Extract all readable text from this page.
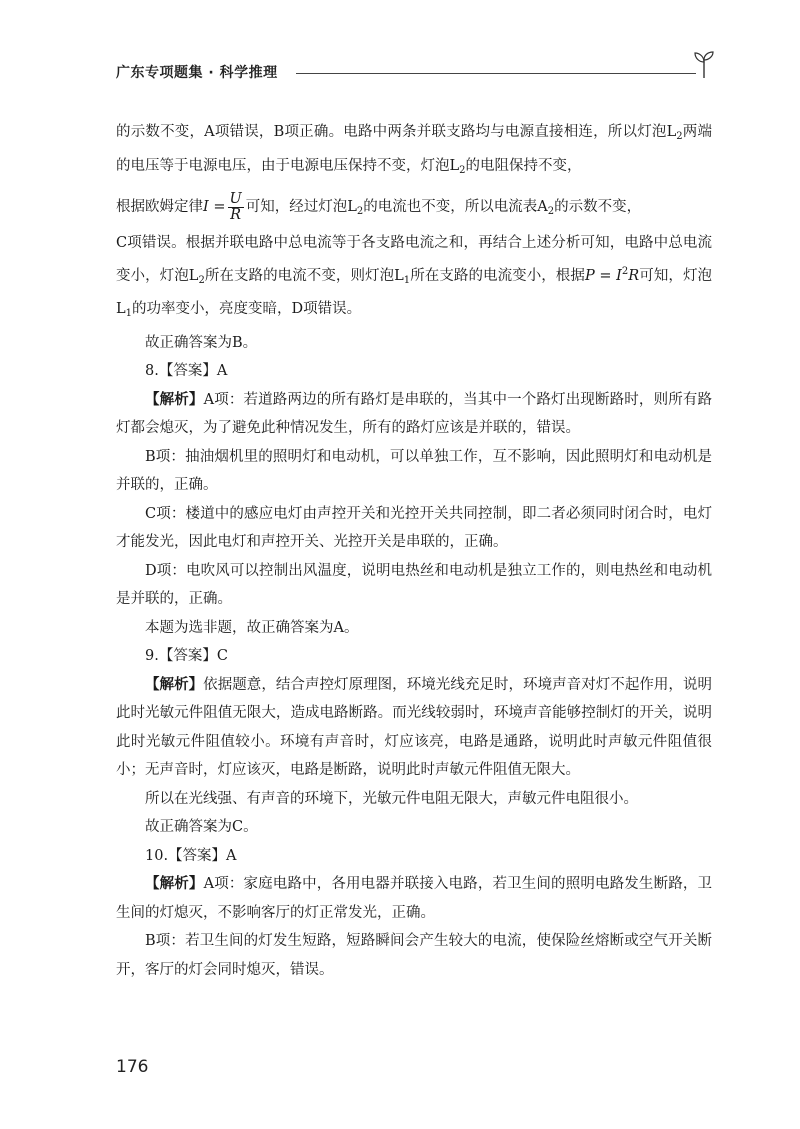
广东专项题集 · 科学推理

的示数不变，A项错误，B项正确。电路中两条并联支路均与电源直接相连，所以灯泡$L_2$两端的电压等于电源电压，由于电源电压保持不变，灯泡$L_2$的电阻保持不变，

根据欧姆定律$I = \frac{U}{R}$ 可知，经过灯泡$L_2$的电流也不变，所以电流表$A_2$的示数不变，

C项错误。根据并联电路中总电流等于各支路电流之和，再结合上述分析可知，电路中总电流变小，灯泡$L_2$所在支路的电流不变，则灯泡$L_1$所在支路的电流变小，根据$P = I^2R$可知，灯泡$L_1$的功率变小，亮度变暗，D项错误。

故正确答案为B。

8.【答案】A

【解析】A项：若道路两边的所有路灯是串联的，当其中一个路灯出现断路时，则所有路灯都会熄灭，为了避免此种情况发生，所有的路灯应该是并联的，错误。

B项：抽油烟机里的照明灯和电动机，可以单独工作，互不影响，因此照明灯和电动机是并联的，正确。

C项：楼道中的感应电灯由声控开关和光控开关共同控制，即二者必须同时闭合时，电灯才能发光，因此电灯和声控开关、光控开关是串联的，正确。

D项：电吹风可以控制出风温度，说明电热丝和电动机是独立工作的，则电热丝和电动机是并联的，正确。

本题为选非题，故正确答案为A。

9.【答案】C

【解析】依据题意，结合声控灯原理图，环境光线充足时，环境声音对灯不起作用，说明此时光敏元件阻值无限大，造成电路断路。而光线较弱时，环境声音能够控制灯的开关，说明此时光敏元件阻值较小。环境有声音时，灯应该亮，电路是通路，说明此时声敏元件阻值很小；无声音时，灯应该灭，电路是断路，说明此时声敏元件阻值无限大。

所以在光线强、有声音的环境下，光敏元件电阻无限大，声敏元件电阻很小。

故正确答案为C。

10.【答案】A

【解析】A项：家庭电路中，各用电器并联接入电路，若卫生间的照明电路发生断路，卫生间的灯熄灭，不影响客厅的灯正常发光，正确。

B项：若卫生间的灯发生短路，短路瞬间会产生较大的电流，使保险丝熔断或空气开关断开，客厅的灯会同时熄灭，错误。

176
